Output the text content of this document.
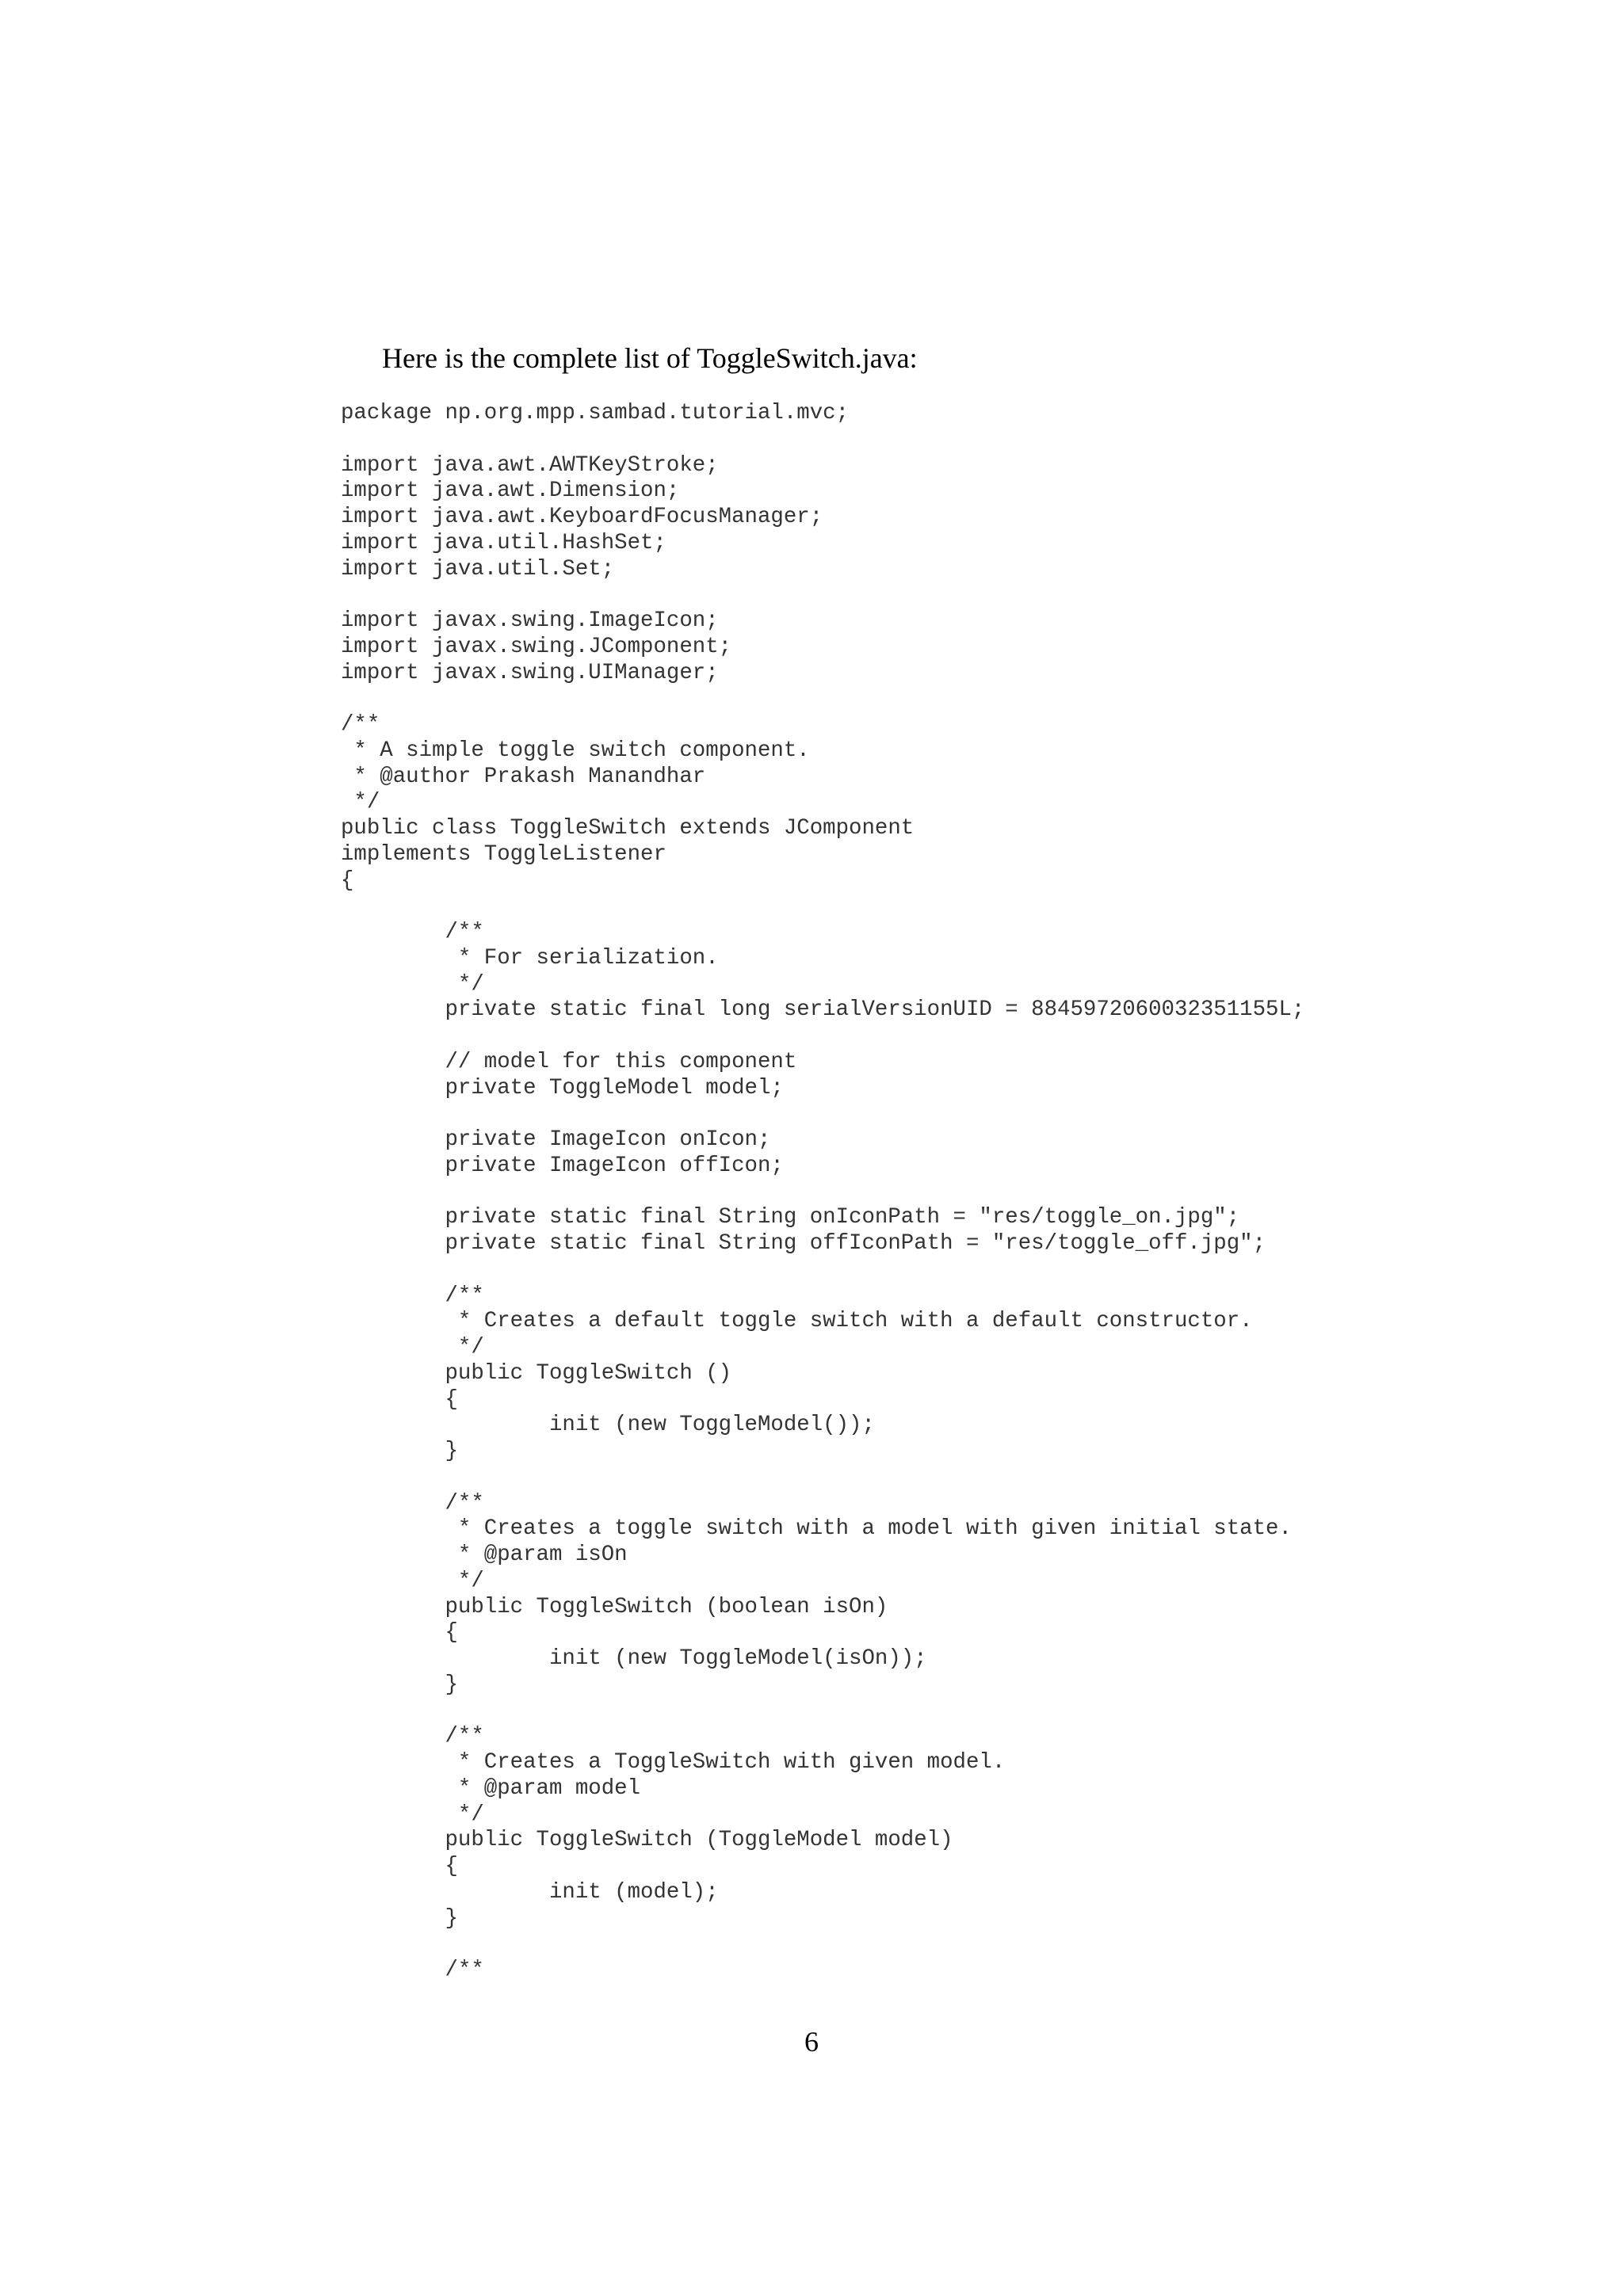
Here is the complete list of ToggleSwitch.java:

package np.org.mpp.sambad.tutorial.mvc;
import java.awt.AWTKeyStroke;
import java.awt.Dimension;
import java.awt.KeyboardFocusManager;
import java.util.HashSet;
import java.util.Set;
import javax.swing.ImageIcon;
import javax.swing.JComponent;
import javax.swing.UIManager;
/**
* A simple toggle switch component.
* @author Prakash Manandhar
*/
public class ToggleSwitch extends JComponent
implements ToggleListener
{
	/**
	* For serialization.
	*/
	private static final long serialVersionUID = 8845972060032351155L;
	// model for this component
	private ToggleModel model;
	private ImageIcon onIcon;
	private ImageIcon offIcon;
	private static final String onIconPath = "res/toggle_on.jpg";
	private static final String offIconPath = "res/toggle_off.jpg";
	/**
	* Creates a default toggle switch with a default constructor.
	*/
	public ToggleSwitch ()
	{
		init (new ToggleModel());
	}
	/**
	* Creates a toggle switch with a model with given initial state.
	* @param isOn
	*/
	public ToggleSwitch (boolean isOn)
	{
		init (new ToggleModel(isOn));
	}
	/**
	* Creates a ToggleSwitch with given model.
	* @param model
	*/
	public ToggleSwitch (ToggleModel model)
	{
		init (model);
	}
	/**
6
